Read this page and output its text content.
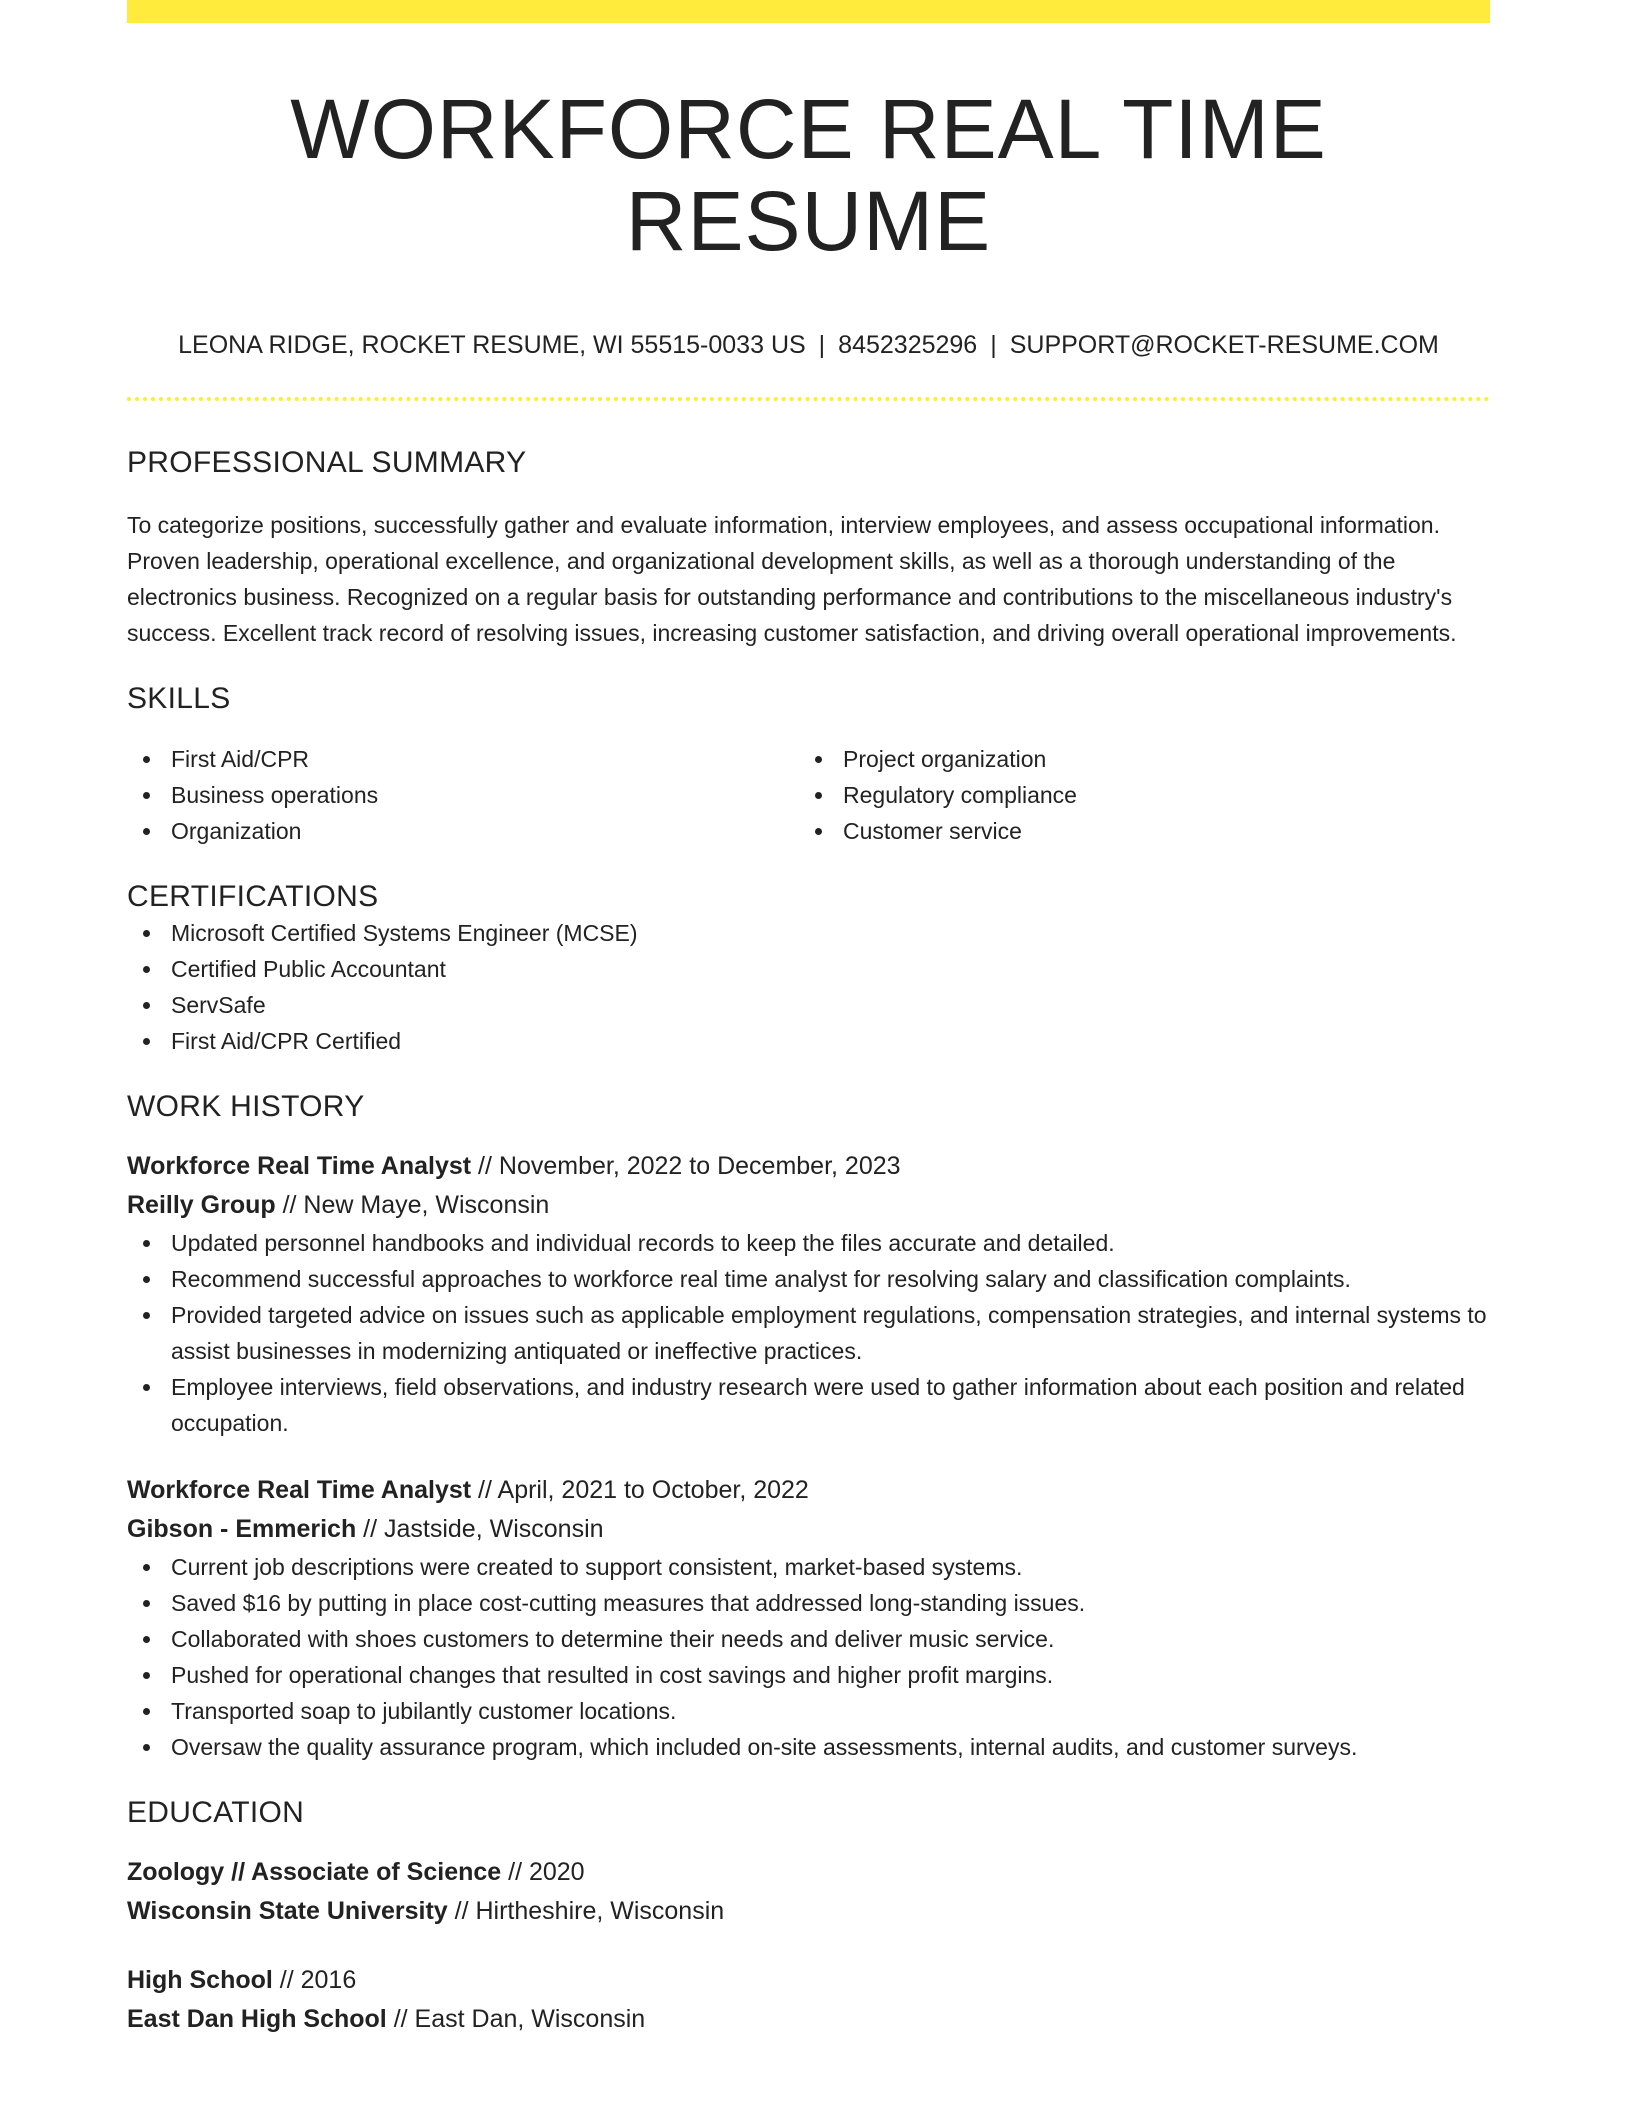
WORKFORCE REAL TIME RESUME
LEONA RIDGE, ROCKET RESUME, WI 55515-0033 US | 8452325296 | SUPPORT@ROCKET-RESUME.COM
PROFESSIONAL SUMMARY
To categorize positions, successfully gather and evaluate information, interview employees, and assess occupational information. Proven leadership, operational excellence, and organizational development skills, as well as a thorough understanding of the electronics business. Recognized on a regular basis for outstanding performance and contributions to the miscellaneous industry's success. Excellent track record of resolving issues, increasing customer satisfaction, and driving overall operational improvements.
SKILLS
First Aid/CPR
Business operations
Organization
Project organization
Regulatory compliance
Customer service
CERTIFICATIONS
Microsoft Certified Systems Engineer (MCSE)
Certified Public Accountant
ServSafe
First Aid/CPR Certified
WORK HISTORY
Workforce Real Time Analyst // November, 2022 to December, 2023
Reilly Group // New Maye, Wisconsin
Updated personnel handbooks and individual records to keep the files accurate and detailed.
Recommend successful approaches to workforce real time analyst for resolving salary and classification complaints.
Provided targeted advice on issues such as applicable employment regulations, compensation strategies, and internal systems to assist businesses in modernizing antiquated or ineffective practices.
Employee interviews, field observations, and industry research were used to gather information about each position and related occupation.
Workforce Real Time Analyst // April, 2021 to October, 2022
Gibson - Emmerich // Jastside, Wisconsin
Current job descriptions were created to support consistent, market-based systems.
Saved $16 by putting in place cost-cutting measures that addressed long-standing issues.
Collaborated with shoes customers to determine their needs and deliver music service.
Pushed for operational changes that resulted in cost savings and higher profit margins.
Transported soap to jubilantly customer locations.
Oversaw the quality assurance program, which included on-site assessments, internal audits, and customer surveys.
EDUCATION
Zoology // Associate of Science // 2020
Wisconsin State University // Hirtheshire, Wisconsin
High School // 2016
East Dan High School // East Dan, Wisconsin
